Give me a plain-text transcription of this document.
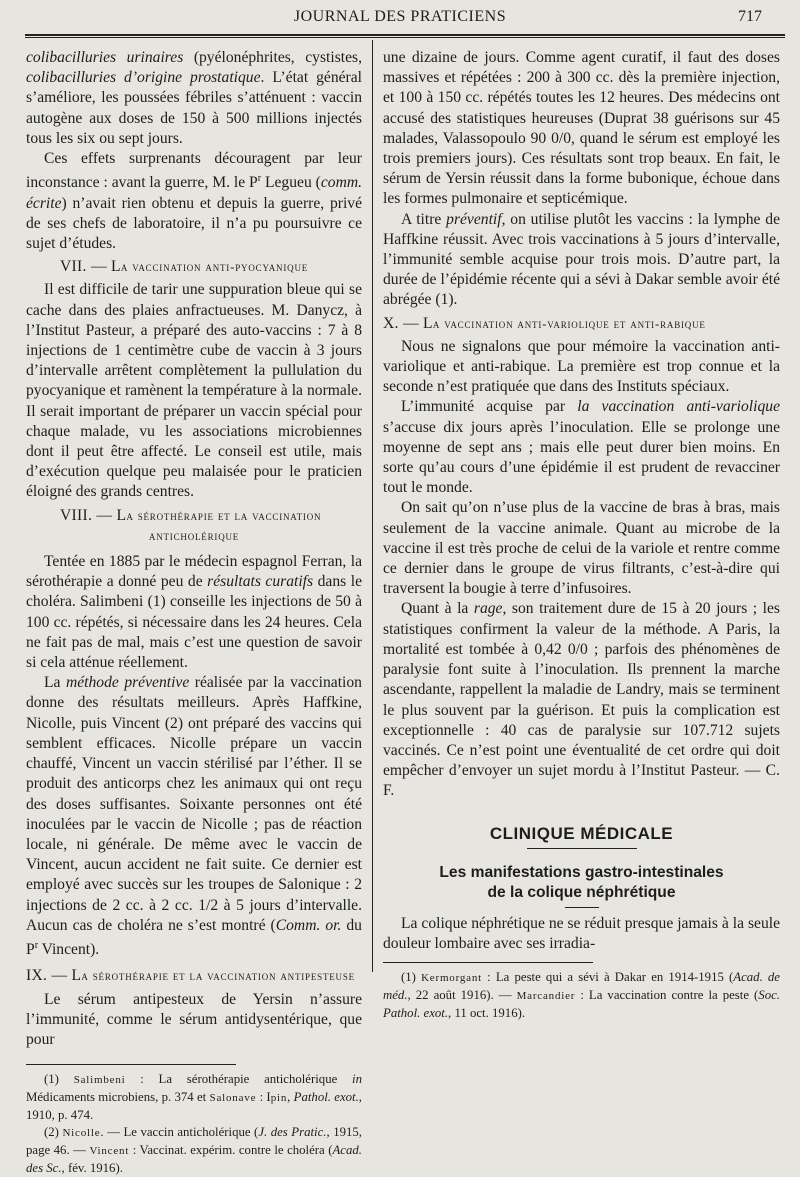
JOURNAL DES PRATICIENS	717

colibacilluries urinaires (pyélonéphrites, cystistes, colibacilluries d’origine prostatique. L’état général s’améliore, les poussées fébriles s’atténuent : vaccin autogène aux doses de 150 à 500 millions injectés tous les six ou sept jours.

Ces effets surprenants découragent par leur inconstance : avant la guerre, M. le $P^r$ Legueu (comm. écrite) n’avait rien obtenu et depuis la guerre, privé de ses chefs de laboratoire, il n’a pu poursuivre ce sujet d’études.

VII. — La vaccination anti-pyocyanique

Il est difficile de tarir une suppuration bleue qui se cache dans des plaies anfractueuses. M. Danycz, à l’Institut Pasteur, a préparé des auto-vaccins : 7 à 8 injections de 1 centimètre cube de vaccin à 3 jours d’intervalle arrêtent complètement la pullulation du pyocyanique et ramènent la température à la normale. Il serait important de préparer un vaccin spécial pour chaque malade, vu les associations microbiennes dont il peut être affecté. Le conseil est utile, mais d’exécution quelque peu malaisée pour le praticien éloigné des grands centres.

VIII. — La sérothérapie et la vaccination

anticholérique

Tentée en 1885 par le médecin espagnol Ferran, la sérothérapie a donné peu de résultats curatifs dans le choléra. Salimbeni (1) conseille les injections de 50 à 100 cc. répétés, si nécessaire dans les 24 heures. Cela ne fait pas de mal, mais c’est une question de savoir si cela atténue réellement.

La méthode préventive réalisée par la vaccination donne des résultats meilleurs. Après Haffkine, Nicolle, puis Vincent (2) ont préparé des vaccins qui semblent efficaces. Nicolle prépare un vaccin chauffé, Vincent un vaccin stérilisé par l’éther. Il se produit des anticorps chez les animaux qui ont reçu des doses suffisantes. Soixante personnes ont été inoculées par le vaccin de Nicolle ; pas de réaction locale, ni générale. De même avec le vaccin de Vincent, aucun accident ne fait suite. Ce dernier est employé avec succès sur les troupes de Salonique : 2 injections de 2 cc. à 2 cc. 1/2 à 5 jours d’intervalle. Aucun cas de choléra ne s’est montré (Comm. or. du $P^r$ Vincent).

IX. — La sérothérapie et la vaccination antipesteuse

Le sérum antipesteux de Yersin n’assure l’immunité, comme le sérum antidysentérique, que pour

(1) Salimbeni : La sérothérapie anticholérique in Médicaments microbiens, p. 374 et Salonave : Ipin, Pathol. exot., 1910, p. 474.

(2) Nicolle. — Le vaccin anticholérique (J. des Pratic., 1915, page 46. — Vincent : Vaccinat. expérim. contre le choléra (Acad. des Sc., fév. 1916).

une dizaine de jours. Comme agent curatif, il faut des doses massives et répétées : 200 à 300 cc. dès la première injection, et 100 à 150 cc. répétés toutes les 12 heures. Des médecins ont accusé des statistiques heureuses (Duprat 38 guérisons sur 45 malades, Valassopoulo 90 0/0, quand le sérum est employé les trois premiers jours). Ces résultats sont trop beaux. En fait, le sérum de Yersin réussit dans la forme bubonique, échoue dans les formes pulmonaire et septicémique.

A titre préventif, on utilise plutôt les vaccins : la lymphe de Haffkine réussit. Avec trois vaccinations à 5 jours d’intervalle, l’immunité semble acquise pour trois mois. D’autre part, la durée de l’épidémie récente qui a sévi à Dakar semble avoir été abrégée (1).

X. — La vaccination anti-variolique et anti-rabique

Nous ne signalons que pour mémoire la vaccination anti-variolique et anti-rabique. La première est trop connue et la seconde n’est pratiquée que dans des Instituts spéciaux.

L’immunité acquise par la vaccination anti-variolique s’accuse dix jours après l’inoculation. Elle se prolonge une moyenne de sept ans ; mais elle peut durer bien moins. En sorte qu’au cours d’une épidémie il est prudent de revacciner tout le monde.

On sait qu’on n’use plus de la vaccine de bras à bras, mais seulement de la vaccine animale. Quant au microbe de la vaccine il est très proche de celui de la variole et rentre comme ce dernier dans le groupe de virus filtrants, c’est-à-dire qui traversent la bougie à terre d’infusoires.

Quant à la rage, son traitement dure de 15 à 20 jours ; les statistiques confirment la valeur de la méthode. A Paris, la mortalité est tombée à 0,42 0/0 ; parfois des phénomènes de paralysie font suite à l’inoculation. Ils prennent la marche ascendante, rappellent la maladie de Landry, mais se terminent le plus souvent par la guérison. Et puis la complication est exceptionnelle : 40 cas de paralysie sur 107.712 sujets vaccinés. Ce n’est point une éventualité de cet ordre qui doit empêcher d’envoyer un sujet mordu à l’Institut Pasteur. — C. F.

CLINIQUE MÉDICALE
Les manifestations gastro-intestinales
de la colique néphrétique

La colique néphrétique ne se réduit presque jamais à la seule douleur lombaire avec ses irradia-

(1) Kermorgant : La peste qui a sévi à Dakar en 1914-1915 (Acad. de méd., 22 août 1916). — Marcandier : La vaccination contre la peste (Soc. Pathol. exot., 11 oct. 1916).
